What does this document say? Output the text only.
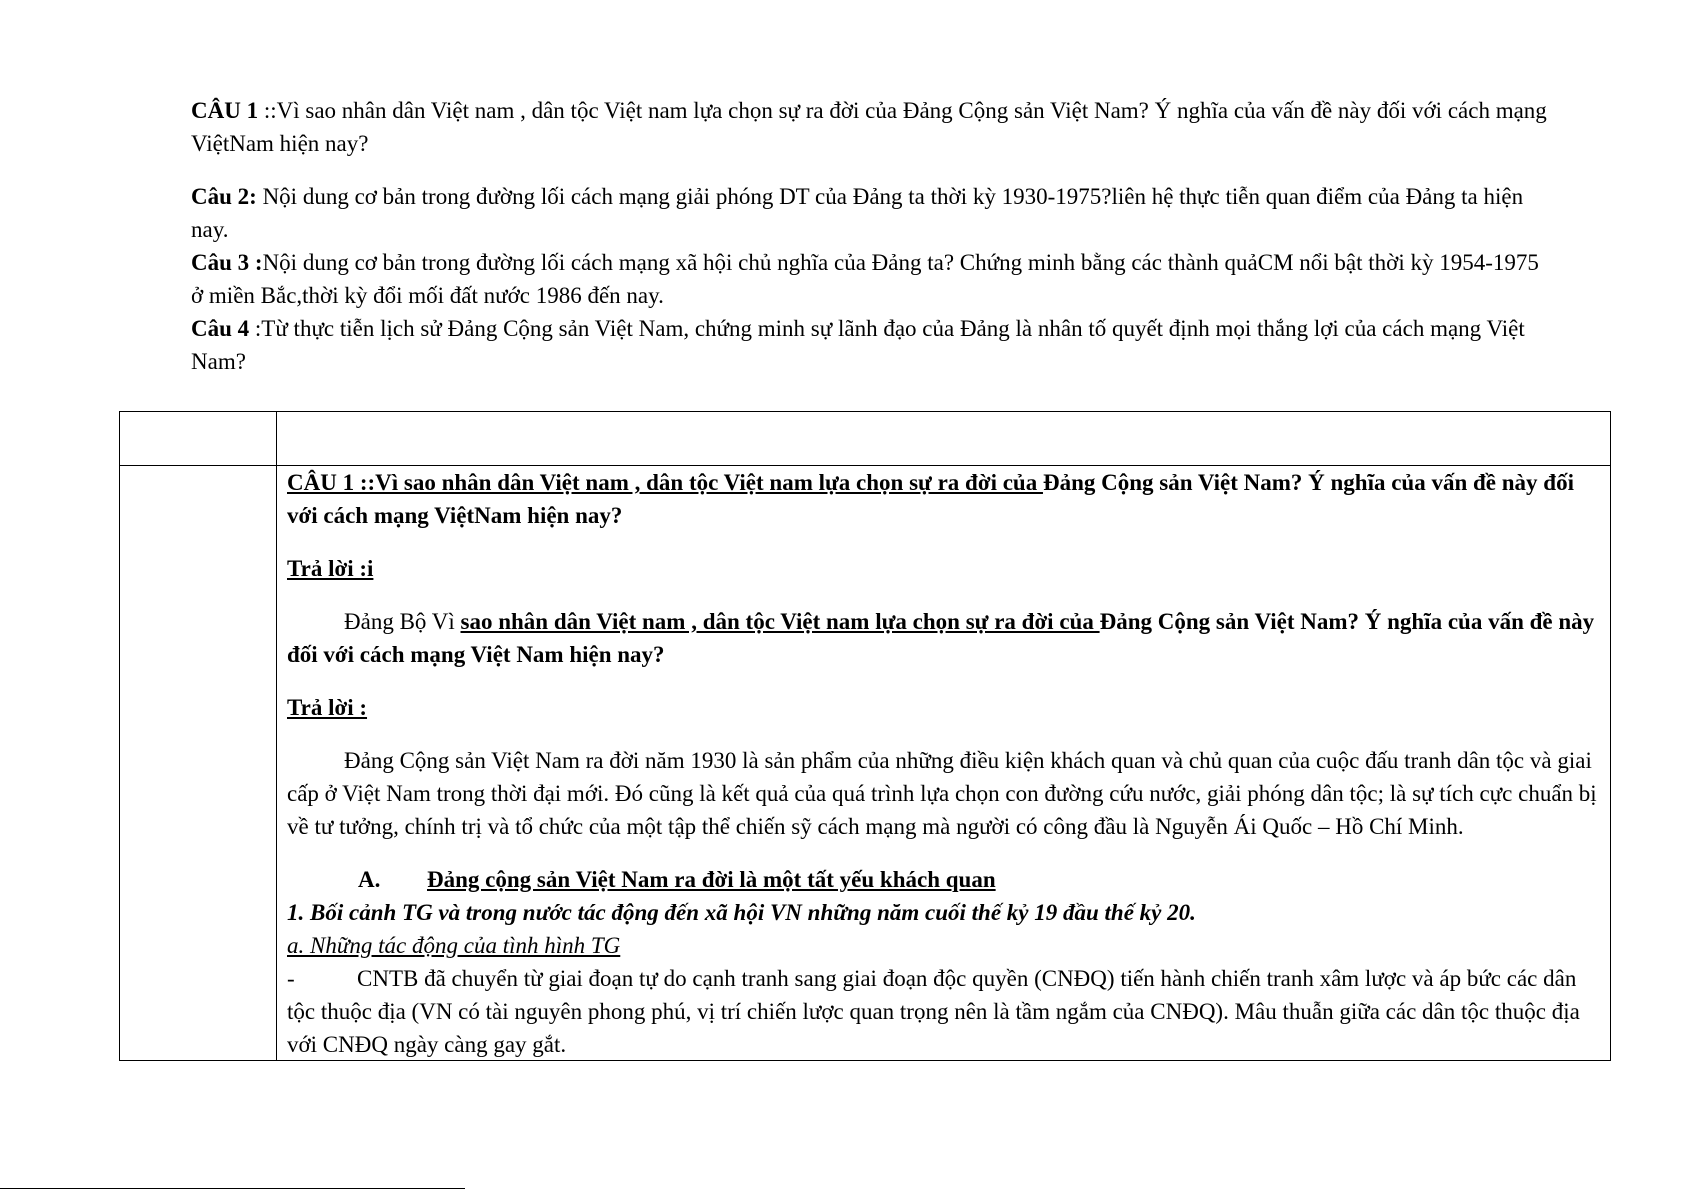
CÂU 1 ::Vì sao nhân dân Việt nam , dân tộc Việt nam lựa chọn sự ra đời của Đảng Cộng sản Việt Nam? Ý nghĩa của vấn đề này đối với cách mạng ViệtNam hiện nay?

Câu 2: Nội dung cơ bản trong đường lối cách mạng giải phóng DT của Đảng ta thời kỳ 1930-1975?liên hệ thực tiễn quan điểm của Đảng ta hiện nay.

Câu 3 :Nội dung cơ bản trong đường lối cách mạng xã hội chủ nghĩa của Đảng ta? Chứng minh bằng các thành quảCM nổi bật thời kỳ 1954-1975 ở miền Bắc,thời kỳ đổi mối đất nước 1986 đến nay.

Câu 4 :Từ thực tiễn lịch sử Đảng Cộng sản Việt Nam, chứng minh sự lãnh đạo của Đảng là nhân tố quyết định mọi thắng lợi của cách mạng Việt Nam?

CÂU 1 ::Vì sao nhân dân Việt nam , dân tộc Việt nam lựa chọn sự ra đời của Đảng Cộng sản Việt Nam? Ý nghĩa của vấn đề này đối với cách mạng ViệtNam hiện nay?

Trả lời :i

Đảng Bộ Vì sao nhân dân Việt nam , dân tộc Việt nam lựa chọn sự ra đời của Đảng Cộng sản Việt Nam? Ý nghĩa của vấn đề này đối với cách mạng Việt Nam hiện nay?

Trả lời :

Đảng Cộng sản Việt Nam ra đời năm 1930 là sản phẩm của những điều kiện khách quan và chủ quan của cuộc đấu tranh dân tộc và giai cấp ở Việt Nam trong thời đại mới. Đó cũng là kết quả của quá trình lựa chọn con đường cứu nước, giải phóng dân tộc; là sự tích cực chuẩn bị về tư tưởng, chính trị và tổ chức của một tập thể chiến sỹ cách mạng mà người có công đầu là Nguyễn Ái Quốc – Hồ Chí Minh.

A. Đảng cộng sản Việt Nam ra đời là một tất yếu khách quan

1. Bối cảnh TG và trong nước tác động đến xã hội VN những năm cuối thế kỷ 19 đầu thế kỷ 20.

a. Những tác động của tình hình TG

-	CNTB đã chuyển từ giai đoạn tự do cạnh tranh sang giai đoạn độc quyền (CNĐQ) tiến hành chiến tranh xâm lược và áp bức các dân tộc thuộc địa (VN có tài nguyên phong phú, vị trí chiến lược quan trọng nên là tầm ngắm của CNĐQ). Mâu thuẫn giữa các dân tộc thuộc địa với CNĐQ ngày càng gay gắt.
